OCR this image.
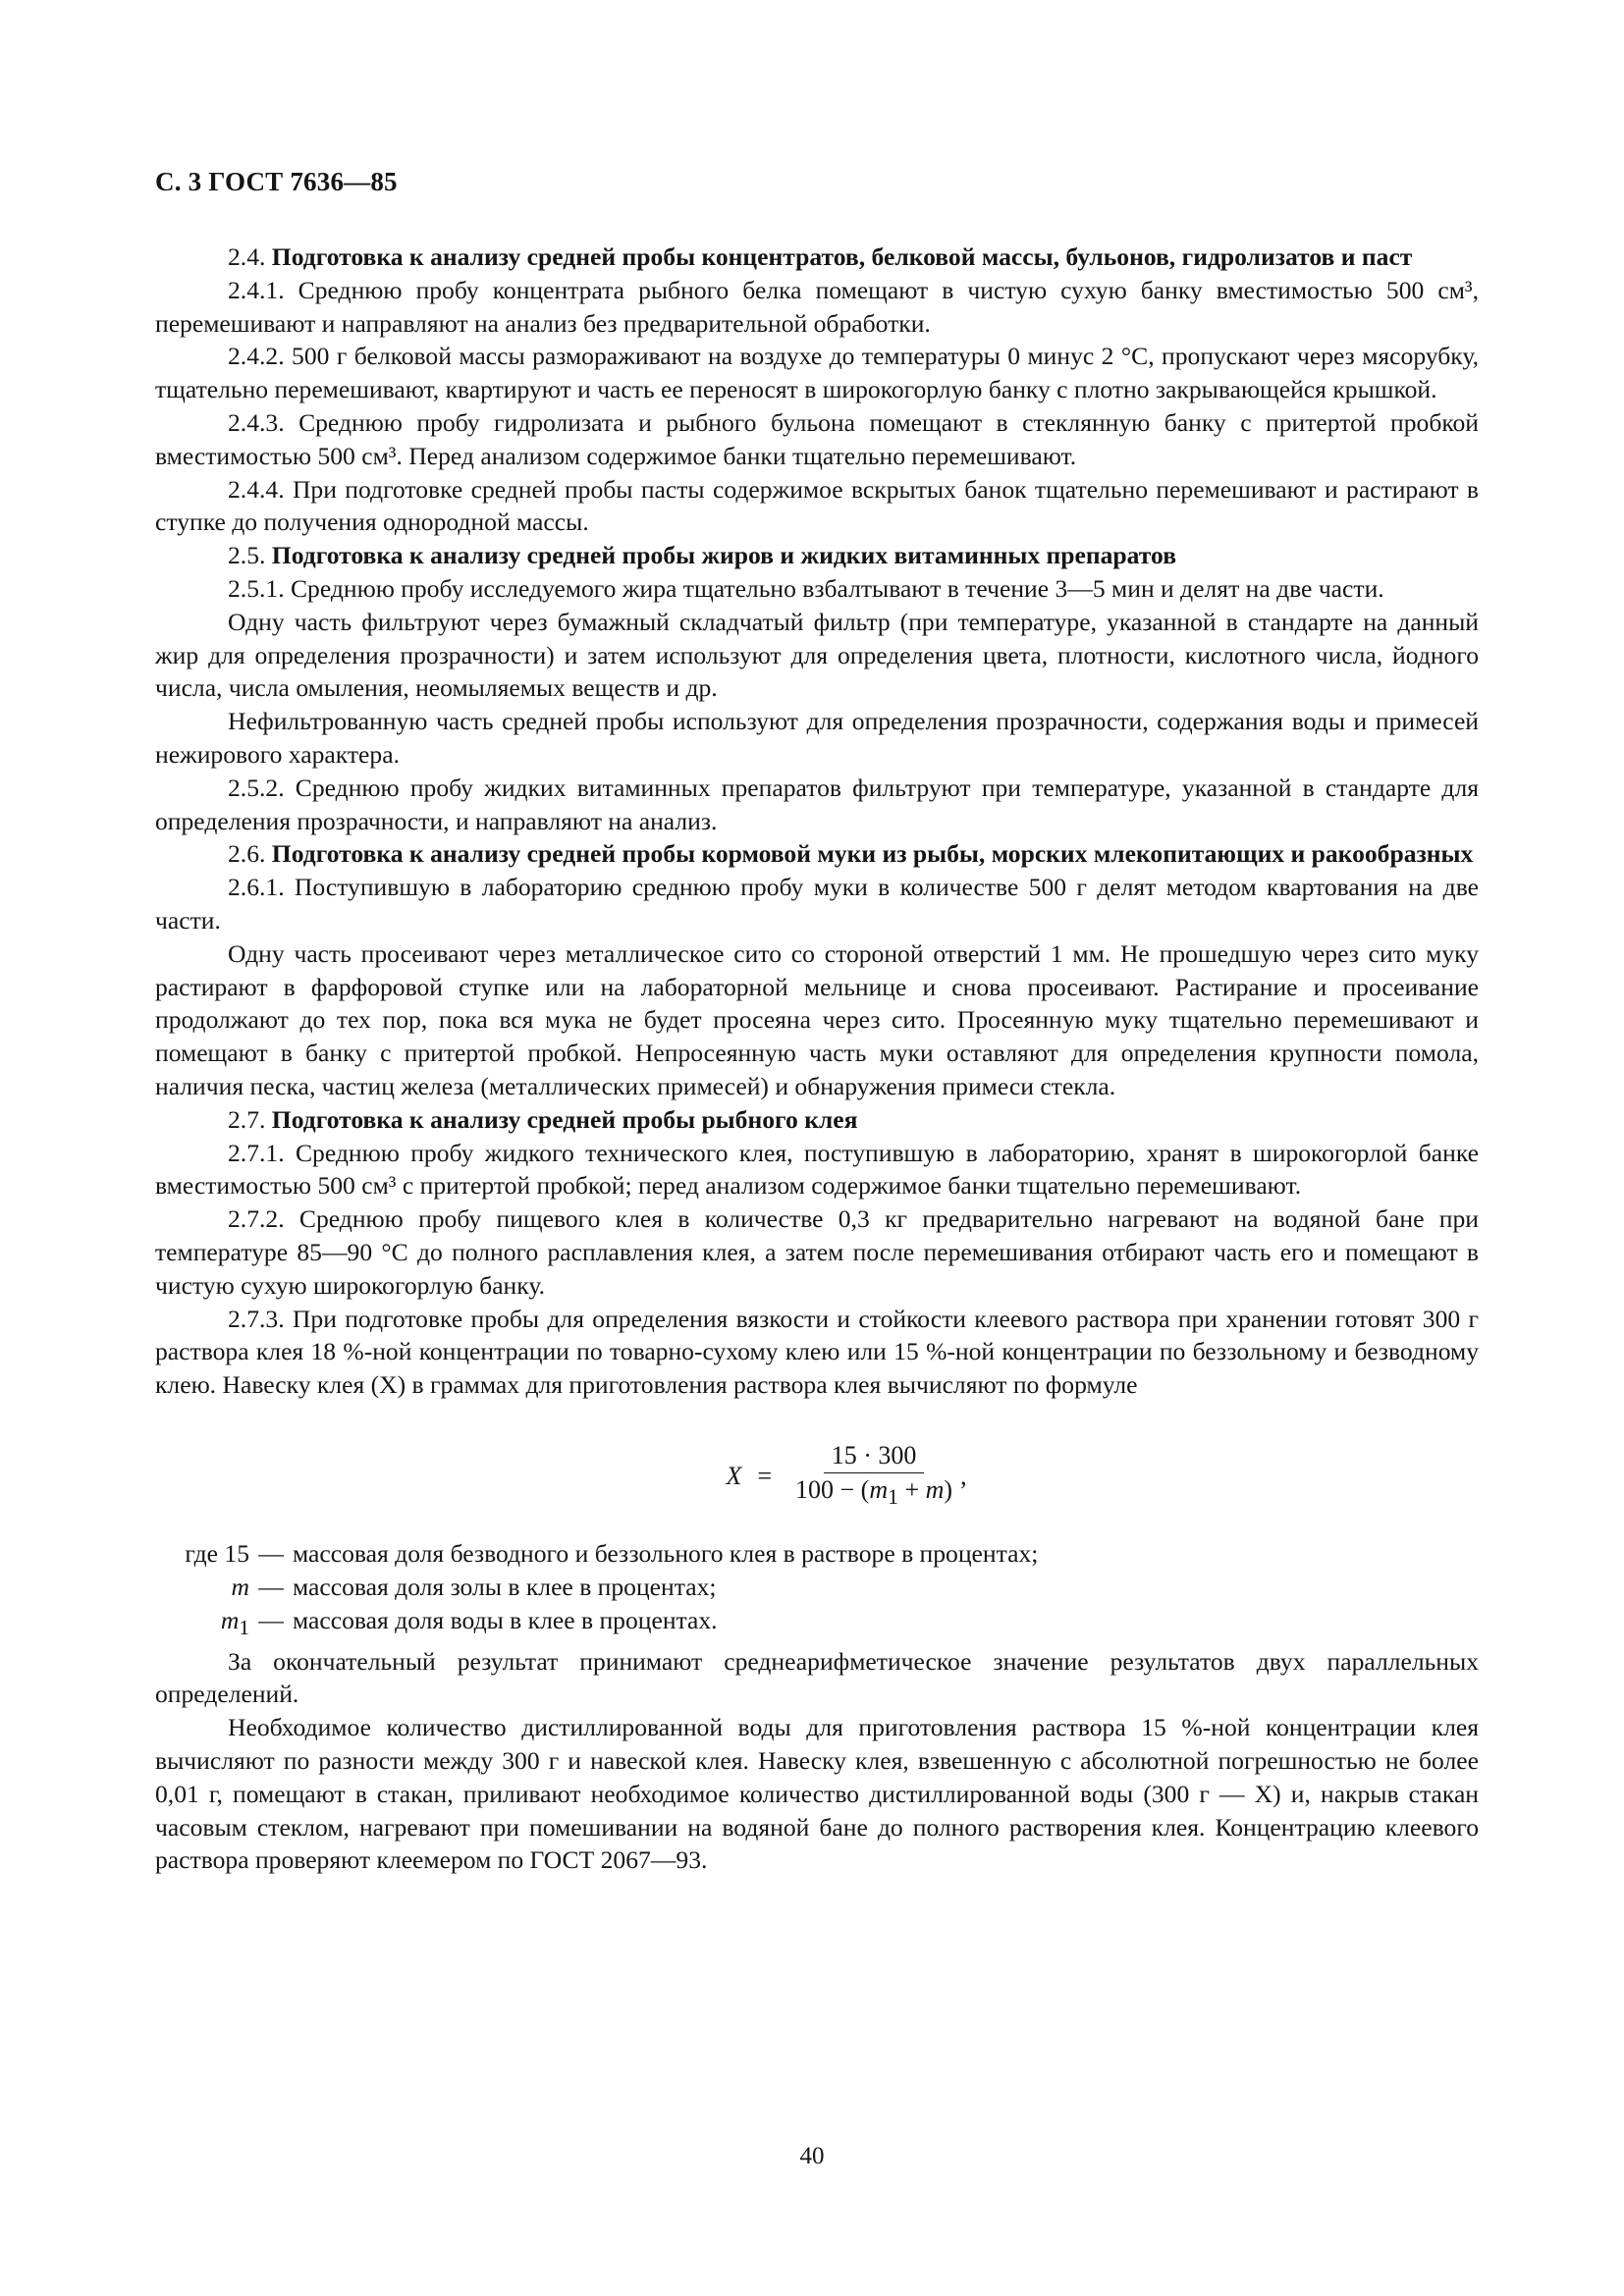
С. 3 ГОСТ 7636—85

2.4. Подготовка к анализу средней пробы концентратов, белковой массы, бульонов, гидролизатов и паст

2.4.1. Среднюю пробу концентрата рыбного белка помещают в чистую сухую банку вместимостью 500 см³, перемешивают и направляют на анализ без предварительной обработки.

2.4.2. 500 г белковой массы размораживают на воздухе до температуры 0 минус 2 °С, пропускают через мясорубку, тщательно перемешивают, квартируют и часть ее переносят в широкогорлую банку с плотно закрывающейся крышкой.

2.4.3. Среднюю пробу гидролизата и рыбного бульона помещают в стеклянную банку с притертой пробкой вместимостью 500 см³. Перед анализом содержимое банки тщательно перемешивают.

2.4.4. При подготовке средней пробы пасты содержимое вскрытых банок тщательно перемешивают и растирают в ступке до получения однородной массы.

2.5. Подготовка к анализу средней пробы жиров и жидких витаминных препаратов

2.5.1. Среднюю пробу исследуемого жира тщательно взбалтывают в течение 3—5 мин и делят на две части.

Одну часть фильтруют через бумажный складчатый фильтр (при температуре, указанной в стандарте на данный жир для определения прозрачности) и затем используют для определения цвета, плотности, кислотного числа, йодного числа, числа омыления, неомыляемых веществ и др.

Нефильтрованную часть средней пробы используют для определения прозрачности, содержания воды и примесей нежирового характера.

2.5.2. Среднюю пробу жидких витаминных препаратов фильтруют при температуре, указанной в стандарте для определения прозрачности, и направляют на анализ.

2.6. Подготовка к анализу средней пробы кормовой муки из рыбы, морских млекопитающих и ракообразных

2.6.1. Поступившую в лабораторию среднюю пробу муки в количестве 500 г делят методом квартования на две части.

Одну часть просеивают через металлическое сито со стороной отверстий 1 мм. Не прошедшую через сито муку растирают в фарфоровой ступке или на лабораторной мельнице и снова просеивают. Растирание и просеивание продолжают до тех пор, пока вся мука не будет просеяна через сито. Просеянную муку тщательно перемешивают и помещают в банку с притертой пробкой. Непросеянную часть муки оставляют для определения крупности помола, наличия песка, частиц железа (металлических примесей) и обнаружения примеси стекла.

2.7. Подготовка к анализу средней пробы рыбного клея

2.7.1. Среднюю пробу жидкого технического клея, поступившую в лабораторию, хранят в широкогорлой банке вместимостью 500 см³ с притертой пробкой; перед анализом содержимое банки тщательно перемешивают.

2.7.2. Среднюю пробу пищевого клея в количестве 0,3 кг предварительно нагревают на водяной бане при температуре 85—90 °С до полного расплавления клея, а затем после перемешивания отбирают часть его и помещают в чистую сухую широкогорлую банку.

2.7.3. При подготовке пробы для определения вязкости и стойкости клеевого раствора при хранении готовят 300 г раствора клея 18 %-ной концентрации по товарно-сухому клею или 15 %-ной концентрации по беззольному и безводному клею. Навеску клея (X) в граммах для приготовления раствора клея вычисляют по формуле

$X = \frac{15 \cdot 300}{100 - (m_1 + m)}$ ,
где 15 — массовая доля безводного и беззольного клея в растворе в процентах;
m — массовая доля золы в клее в процентах;
$m_1$ — массовая доля воды в клее в процентах.

За окончательный результат принимают среднеарифметическое значение результатов двух параллельных определений.

Необходимое количество дистиллированной воды для приготовления раствора 15 %-ной концентрации клея вычисляют по разности между 300 г и навеской клея. Навеску клея, взвешенную с абсолютной погрешностью не более 0,01 г, помещают в стакан, приливают необходимое количество дистиллированной воды (300 г — X) и, накрыв стакан часовым стеклом, нагревают при помешивании на водяной бане до полного растворения клея. Концентрацию клеевого раствора проверяют клеемером по ГОСТ 2067—93.

40
